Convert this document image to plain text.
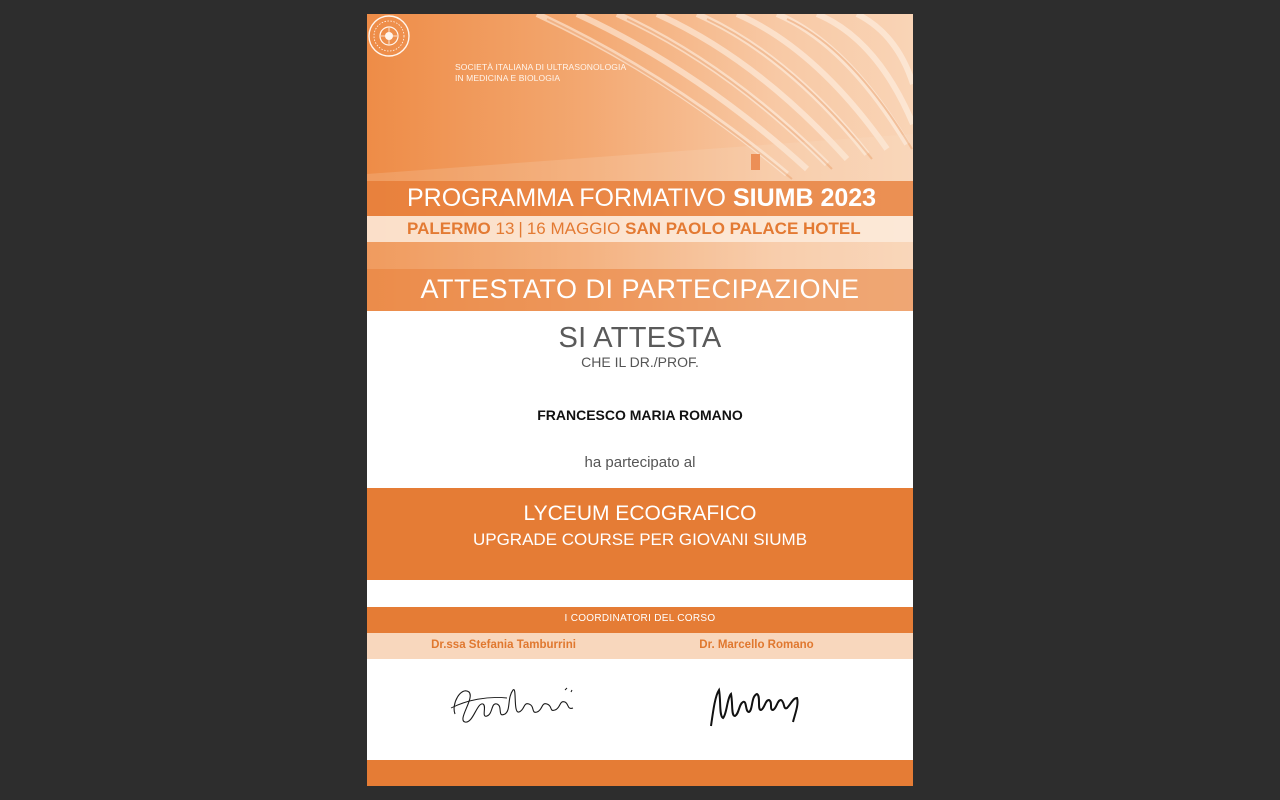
SOCIETÀ ITALIANA DI ULTRASONOLOGIA
IN MEDICINA E BIOLOGIA
PROGRAMMA FORMATIVO SIUMB 2023
PALERMO 13 | 16 MAGGIO SAN PAOLO PALACE HOTEL
ATTESTATO DI PARTECIPAZIONE
SI ATTESTA
CHE IL DR./PROF.
FRANCESCO MARIA ROMANO
ha partecipato al
LYCEUM ECOGRAFICO
UPGRADE COURSE PER GIOVANI SIUMB
I COORDINATORI DEL CORSO
Dr.ssa Stefania Tamburrini	Dr. Marcello Romano
